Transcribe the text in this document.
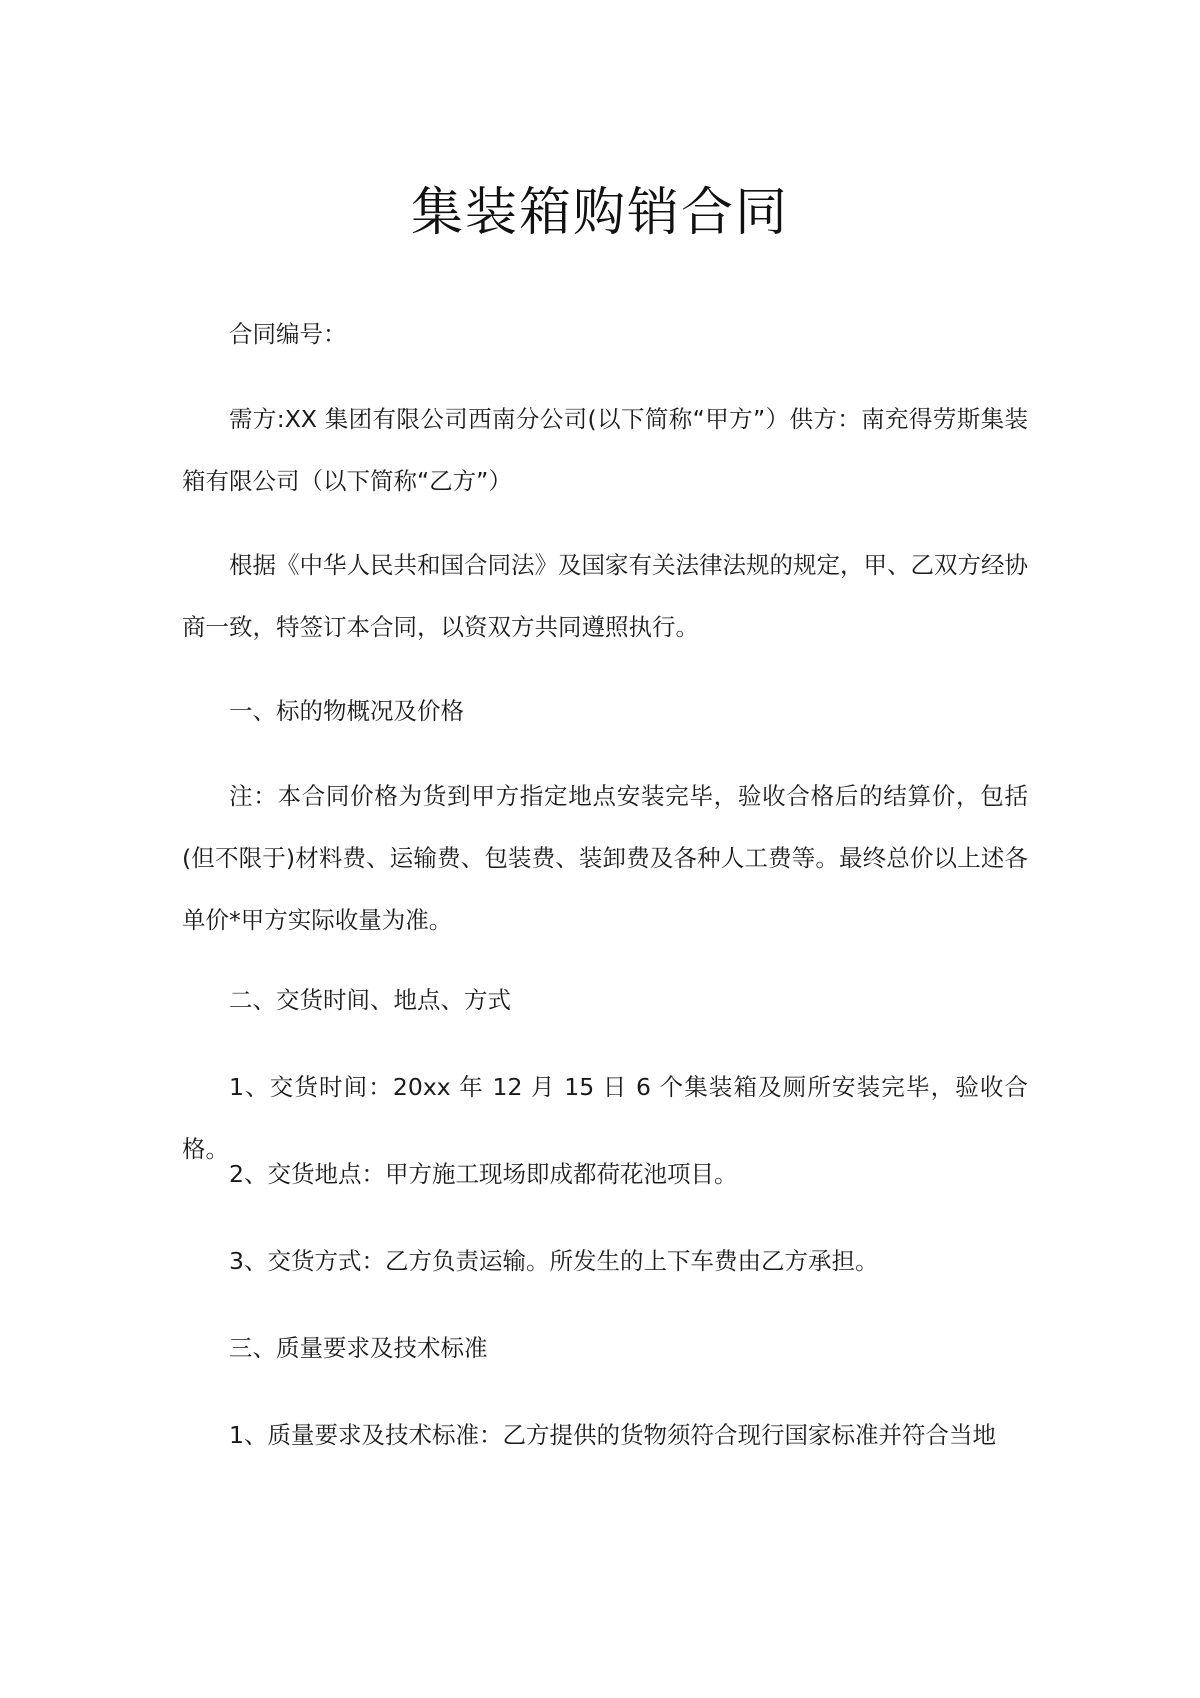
集装箱购销合同

合同编号：

需方:XX 集团有限公司西南分公司(以下简称“甲方”）供方：南充得劳斯集装箱有限公司（以下简称“乙方”）

根据《中华人民共和国合同法》及国家有关法律法规的规定，甲、乙双方经协商一致，特签订本合同，以资双方共同遵照执行。

一、标的物概况及价格

注：本合同价格为货到甲方指定地点安装完毕，验收合格后的结算价，包括(但不限于)材料费、运输费、包装费、装卸费及各种人工费等。最终总价以上述各单价*甲方实际收量为准。

二、交货时间、地点、方式

1、交货时间：20xx 年 12 月 15 日 6 个集装箱及厕所安装完毕，验收合格。

2、交货地点：甲方施工现场即成都荷花池项目。

3、交货方式：乙方负责运输。所发生的上下车费由乙方承担。

三、质量要求及技术标准

1、质量要求及技术标准：乙方提供的货物须符合现行国家标准并符合当地
